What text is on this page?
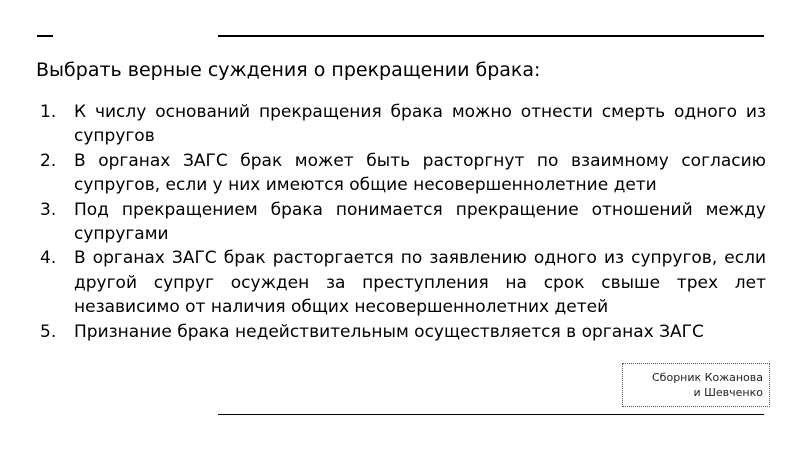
Выбрать верные суждения о прекращении брака:
1.	К числу оснований прекращения брака можно отнести смерть одного из супругов
2.	В органах ЗАГС брак может быть расторгнут по взаимному согласию супругов, если у них имеются общие несовершеннолетние дети
3.	Под прекращением брака понимается прекращение отношений между супругами
4.	В органах ЗАГС брак расторгается по заявлению одного из супругов, если другой супруг осужден за преступления на срок свыше трех лет независимо от наличия общих несовершеннолетних детей
5.	Признание брака недействительным осуществляется в органах ЗАГС
Сборник Кожанова
и Шевченко
